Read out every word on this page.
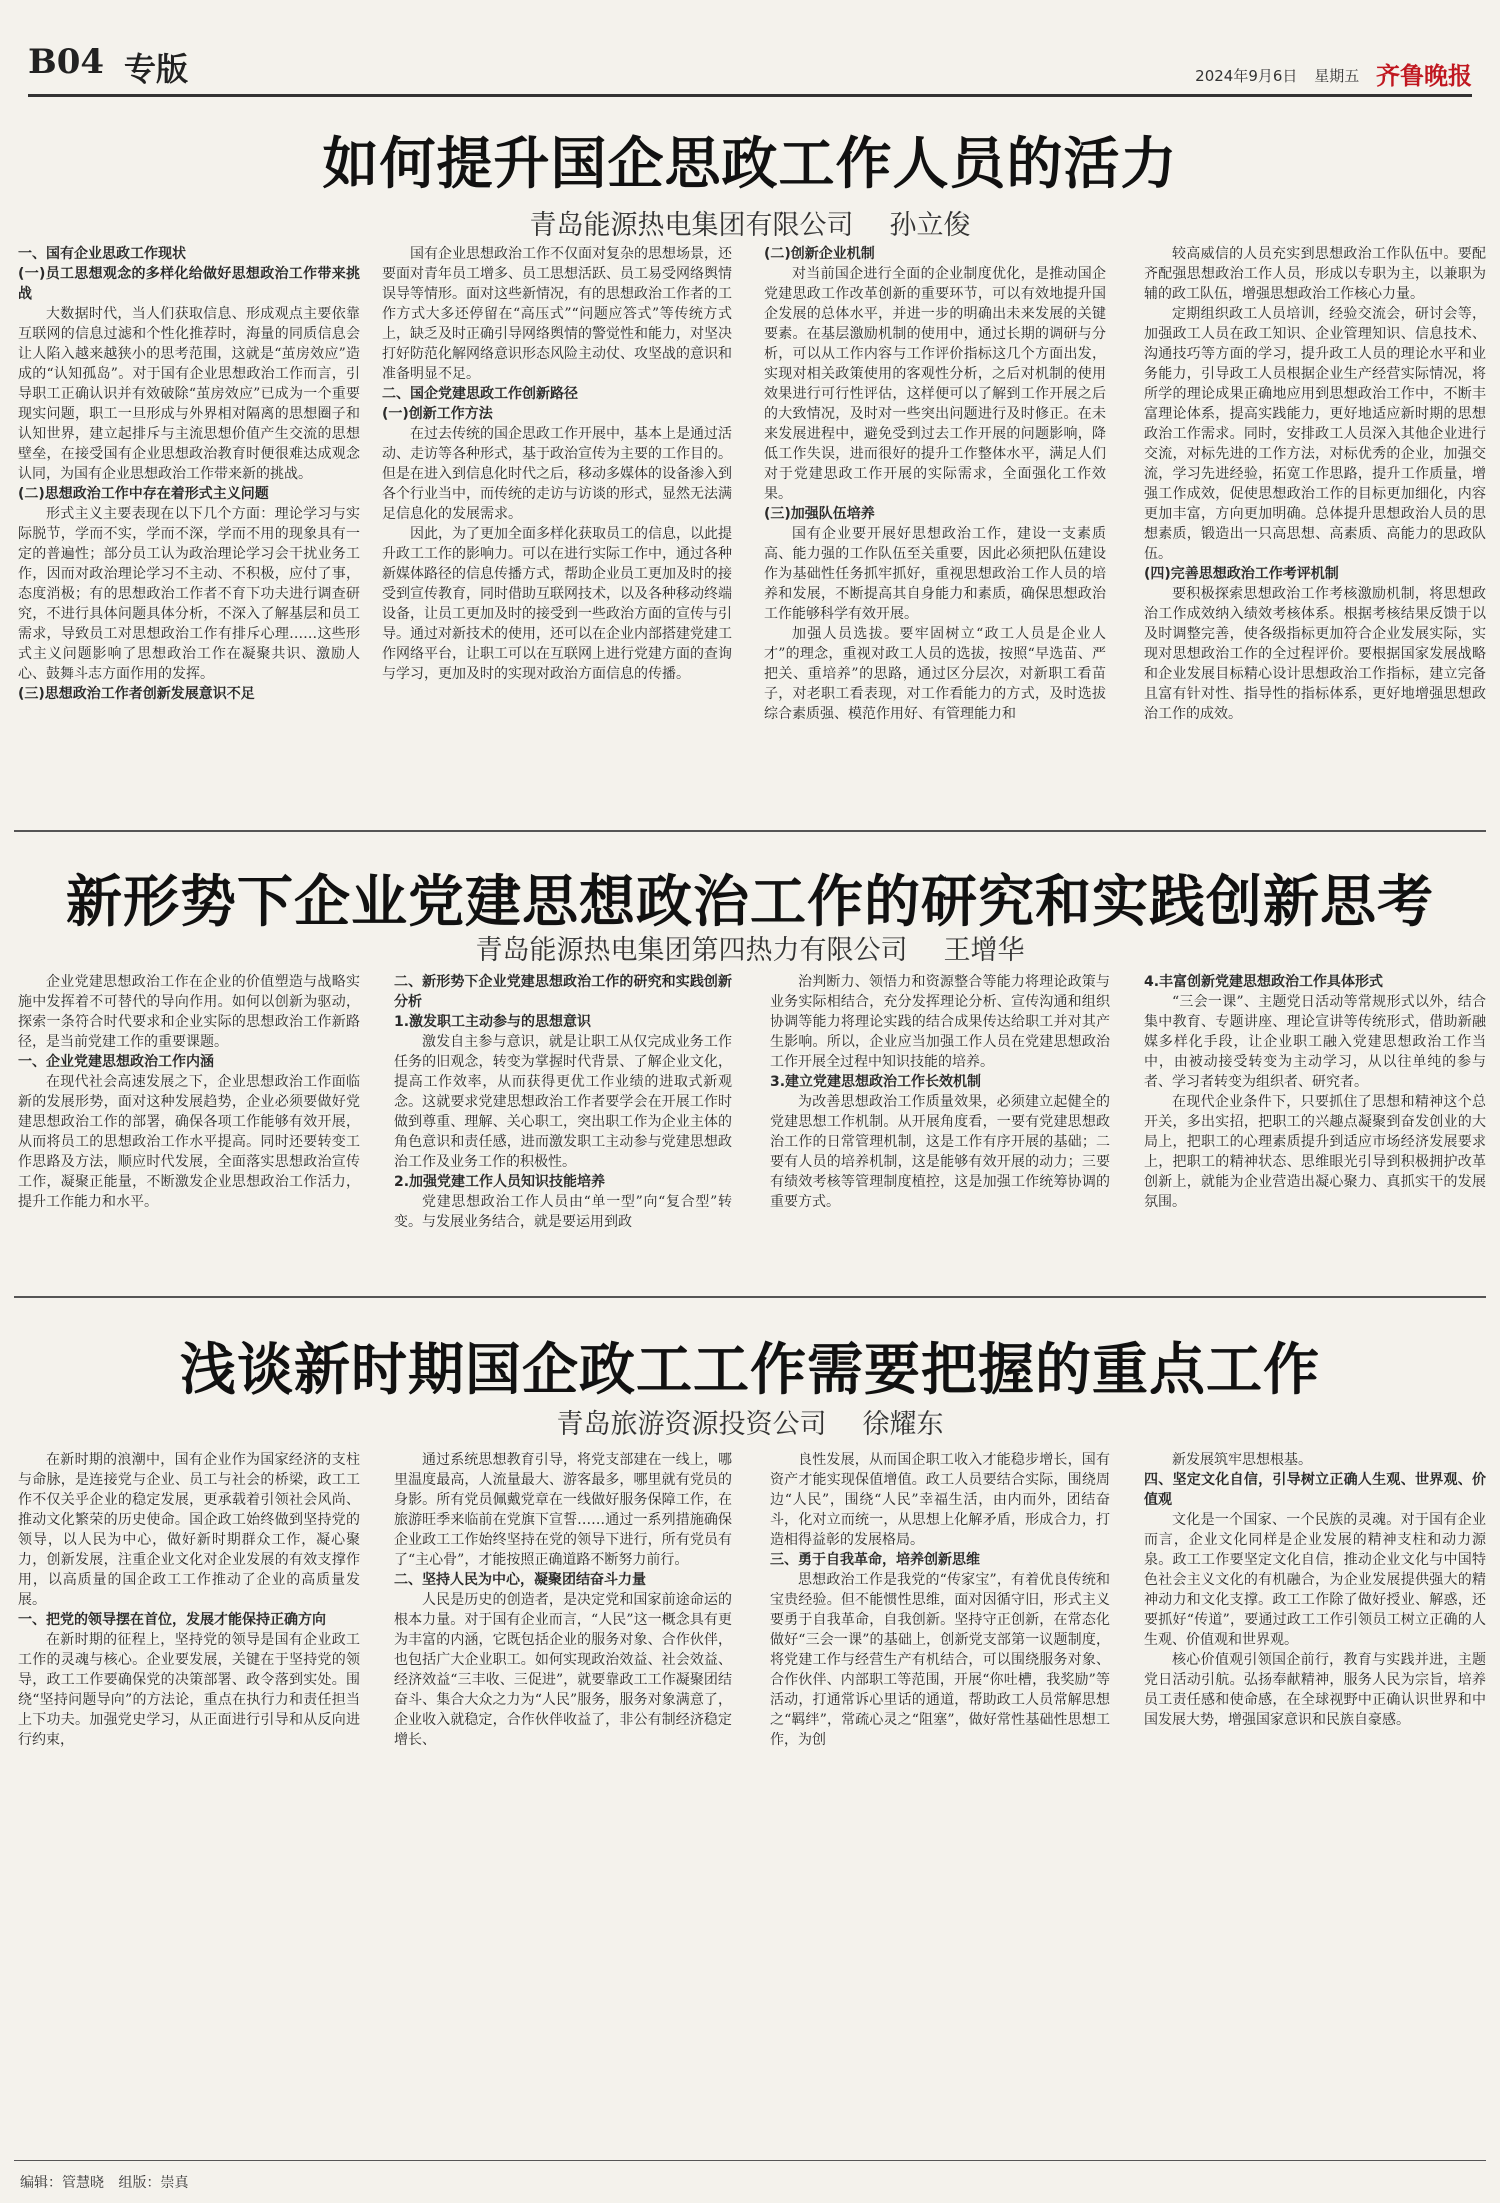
B04 专版	2024年9月6日 星期五 齐鲁晚报
如何提升国企思政工作人员的活力
青岛能源热电集团有限公司 孙立俊

一、国有企业思政工作现状

(一)员工思想观念的多样化给做好思想政治工作带来挑战

大数据时代，当人们获取信息、形成观点主要依靠互联网的信息过滤和个性化推荐时，海量的同质信息会让人陷入越来越狭小的思考范围，这就是“茧房效应”造成的“认知孤岛”。对于国有企业思想政治工作而言，引导职工正确认识并有效破除“茧房效应”已成为一个重要现实问题，职工一旦形成与外界相对隔离的思想圈子和认知世界，建立起排斥与主流思想价值产生交流的思想壁垒，在接受国有企业思想政治教育时便很难达成观念认同，为国有企业思想政治工作带来新的挑战。

(二)思想政治工作中存在着形式主义问题

形式主义主要表现在以下几个方面：理论学习与实际脱节，学而不实，学而不深，学而不用的现象具有一定的普遍性；部分员工认为政治理论学习会干扰业务工作，因而对政治理论学习不主动、不积极，应付了事，态度消极；有的思想政治工作者不育下功夫进行调查研究，不进行具体问题具体分析，不深入了解基层和员工需求，导致员工对思想政治工作有排斥心理……这些形式主义问题影响了思想政治工作在凝聚共识、激励人心、鼓舞斗志方面作用的发挥。

(三)思想政治工作者创新发展意识不足

国有企业思想政治工作不仅面对复杂的思想场景，还要面对青年员工增多、员工思想活跃、员工易受网络舆情误导等情形。面对这些新情况，有的思想政治工作者的工作方式大多还停留在“高压式”“问题应答式”等传统方式上，缺乏及时正确引导网络舆情的警觉性和能力，对坚决打好防范化解网络意识形态风险主动仗、攻坚战的意识和准备明显不足。

二、国企党建思政工作创新路径

(一)创新工作方法

在过去传统的国企思政工作开展中，基本上是通过活动、走访等各种形式，基于政治宣传为主要的工作目的。但是在进入到信息化时代之后，移动多媒体的设备渗入到各个行业当中，而传统的走访与访谈的形式，显然无法满足信息化的发展需求。

因此，为了更加全面多样化获取员工的信息，以此提升政工工作的影响力。可以在进行实际工作中，通过各种新媒体路径的信息传播方式，帮助企业员工更加及时的接受到宣传教育，同时借助互联网技术，以及各种移动终端设备，让员工更加及时的接受到一些政治方面的宣传与引导。通过对新技术的使用，还可以在企业内部搭建党建工作网络平台，让职工可以在互联网上进行党建方面的查询与学习，更加及时的实现对政治方面信息的传播。

(二)创新企业机制

对当前国企进行全面的企业制度优化，是推动国企党建思政工作改革创新的重要环节，可以有效地提升国企发展的总体水平，并进一步的明确出未来发展的关键要素。在基层激励机制的使用中，通过长期的调研与分析，可以从工作内容与工作评价指标这几个方面出发，实现对相关政策使用的客观性分析，之后对机制的使用效果进行可行性评估，这样便可以了解到工作开展之后的大致情况，及时对一些突出问题进行及时修正。在未来发展进程中，避免受到过去工作开展的问题影响，降低工作失误，进而很好的提升工作整体水平，满足人们对于党建思政工作开展的实际需求，全面强化工作效果。

(三)加强队伍培养

国有企业要开展好思想政治工作，建设一支素质高、能力强的工作队伍至关重要，因此必须把队伍建设作为基础性任务抓牢抓好，重视思想政治工作人员的培养和发展，不断提高其自身能力和素质，确保思想政治工作能够科学有效开展。

加强人员选拔。要牢固树立“政工人员是企业人才”的理念，重视对政工人员的选拔，按照“早选苗、严把关、重培养”的思路，通过区分层次，对新职工看苗子，对老职工看表现，对工作看能力的方式，及时选拔综合素质强、模范作用好、有管理能力和

较高威信的人员充实到思想政治工作队伍中。要配齐配强思想政治工作人员，形成以专职为主，以兼职为辅的政工队伍，增强思想政治工作核心力量。

定期组织政工人员培训，经验交流会，研讨会等，加强政工人员在政工知识、企业管理知识、信息技术、沟通技巧等方面的学习，提升政工人员的理论水平和业务能力，引导政工人员根据企业生产经营实际情况，将所学的理论成果正确地应用到思想政治工作中，不断丰富理论体系，提高实践能力，更好地适应新时期的思想政治工作需求。同时，安排政工人员深入其他企业进行交流，对标先进的工作方法，对标优秀的企业，加强交流，学习先进经验，拓宽工作思路，提升工作质量，增强工作成效，促使思想政治工作的目标更加细化，内容更加丰富，方向更加明确。总体提升思想政治人员的思想素质，锻造出一只高思想、高素质、高能力的思政队伍。

(四)完善思想政治工作考评机制

要积极探索思想政治工作考核激励机制，将思想政治工作成效纳入绩效考核体系。根据考核结果反馈于以及时调整完善，使各级指标更加符合企业发展实际，实现对思想政治工作的全过程评价。要根据国家发展战略和企业发展目标精心设计思想政治工作指标，建立完备且富有针对性、指导性的指标体系，更好地增强思想政治工作的成效。

新形势下企业党建思想政治工作的研究和实践创新思考
青岛能源热电集团第四热力有限公司 王增华

企业党建思想政治工作在企业的价值塑造与战略实施中发挥着不可替代的导向作用。如何以创新为驱动，探索一条符合时代要求和企业实际的思想政治工作新路径，是当前党建工作的重要课题。

一、企业党建思想政治工作内涵

在现代社会高速发展之下，企业思想政治工作面临新的发展形势，面对这种发展趋势，企业必须要做好党建思想政治工作的部署，确保各项工作能够有效开展，从而将员工的思想政治工作水平提高。同时还要转变工作思路及方法，顺应时代发展，全面落实思想政治宣传工作，凝聚正能量，不断激发企业思想政治工作活力，提升工作能力和水平。

二、新形势下企业党建思想政治工作的研究和实践创新分析

1.激发职工主动参与的思想意识

激发自主参与意识，就是让职工从仅完成业务工作任务的旧观念，转变为掌握时代背景、了解企业文化，提高工作效率，从而获得更优工作业绩的进取式新观念。这就要求党建思想政治工作者要学会在开展工作时做到尊重、理解、关心职工，突出职工作为企业主体的角色意识和责任感，进而激发职工主动参与党建思想政治工作及业务工作的积极性。

2.加强党建工作人员知识技能培养

党建思想政治工作人员由“单一型”向“复合型”转变。与发展业务结合，就是要运用到政

治判断力、领悟力和资源整合等能力将理论政策与业务实际相结合，充分发挥理论分析、宣传沟通和组织协调等能力将理论实践的结合成果传达给职工并对其产生影响。所以，企业应当加强工作人员在党建思想政治工作开展全过程中知识技能的培养。

3.建立党建思想政治工作长效机制

为改善思想政治工作质量效果，必须建立起健全的党建思想工作机制。从开展角度看，一要有党建思想政治工作的日常管理机制，这是工作有序开展的基础；二要有人员的培养机制，这是能够有效开展的动力；三要有绩效考核等管理制度植控，这是加强工作统筹协调的重要方式。

4.丰富创新党建思想政治工作具体形式

“三会一课”、主题党日活动等常规形式以外，结合集中教育、专题讲座、理论宣讲等传统形式，借助新融媒多样化手段，让企业职工融入党建思想政治工作当中，由被动接受转变为主动学习，从以往单纯的参与者、学习者转变为组织者、研究者。

在现代企业条件下，只要抓住了思想和精神这个总开关，多出实招，把职工的兴趣点凝聚到奋发创业的大局上，把职工的心理素质提升到适应市场经济发展要求上，把职工的精神状态、思维眼光引导到积极拥护改革创新上，就能为企业营造出凝心聚力、真抓实干的发展氛围。

浅谈新时期国企政工工作需要把握的重点工作
青岛旅游资源投资公司 徐耀东

在新时期的浪潮中，国有企业作为国家经济的支柱与命脉，是连接党与企业、员工与社会的桥梁，政工工作不仅关乎企业的稳定发展，更承载着引领社会风尚、推动文化繁荣的历史使命。国企政工始终做到坚持党的领导，以人民为中心，做好新时期群众工作，凝心聚力，创新发展，注重企业文化对企业发展的有效支撑作用，以高质量的国企政工工作推动了企业的高质量发展。

一、把党的领导摆在首位，发展才能保持正确方向

在新时期的征程上，坚持党的领导是国有企业政工工作的灵魂与核心。企业要发展，关键在于坚持党的领导，政工工作要确保党的决策部署、政令落到实处。围绕“坚持问题导向”的方法论，重点在执行力和责任担当上下功夫。加强党史学习，从正面进行引导和从反向进行约束，

通过系统思想教育引导，将党支部建在一线上，哪里温度最高，人流量最大、游客最多，哪里就有党员的身影。所有党员佩戴党章在一线做好服务保障工作，在旅游旺季来临前在党旗下宣誓……通过一系列措施确保企业政工工作始终坚持在党的领导下进行，所有党员有了“主心骨”，才能按照正确道路不断努力前行。

二、坚持人民为中心，凝聚团结奋斗力量

人民是历史的创造者，是决定党和国家前途命运的根本力量。对于国有企业而言，“人民”这一概念具有更为丰富的内涵，它既包括企业的服务对象、合作伙伴，也包括广大企业职工。如何实现政治效益、社会效益、经济效益“三丰收、三促进”，就要靠政工工作凝聚团结奋斗、集合大众之力为“人民”服务，服务对象满意了，企业收入就稳定，合作伙伴收益了，非公有制经济稳定增长、

良性发展，从而国企职工收入才能稳步增长，国有资产才能实现保值增值。政工人员要结合实际，围绕周边“人民”，围绕“人民”幸福生活，由内而外，团结奋斗，化对立而统一，从思想上化解矛盾，形成合力，打造相得益彰的发展格局。

三、勇于自我革命，培养创新思维

思想政治工作是我党的“传家宝”，有着优良传统和宝贵经验。但不能惯性思维，面对因循守旧，形式主义要勇于自我革命，自我创新。坚持守正创新，在常态化做好“三会一课”的基础上，创新党支部第一议题制度，将党建工作与经营生产有机结合，可以围绕服务对象、合作伙伴、内部职工等范围，开展“你吐槽，我奖励”等活动，打通常诉心里话的通道，帮助政工人员常解思想之“羁绊”，常疏心灵之“阻塞”，做好常性基础性思想工作，为创

新发展筑牢思想根基。

四、坚定文化自信，引导树立正确人生观、世界观、价值观

文化是一个国家、一个民族的灵魂。对于国有企业而言，企业文化同样是企业发展的精神支柱和动力源泉。政工工作要坚定文化自信，推动企业文化与中国特色社会主义文化的有机融合，为企业发展提供强大的精神动力和文化支撑。政工工作除了做好授业、解惑，还要抓好“传道”，要通过政工工作引领员工树立正确的人生观、价值观和世界观。

核心价值观引领国企前行，教育与实践并进，主题党日活动引航。弘扬奉献精神，服务人民为宗旨，培养员工责任感和使命感，在全球视野中正确认识世界和中国发展大势，增强国家意识和民族自豪感。

编辑：管慧晓 组版：崇真
